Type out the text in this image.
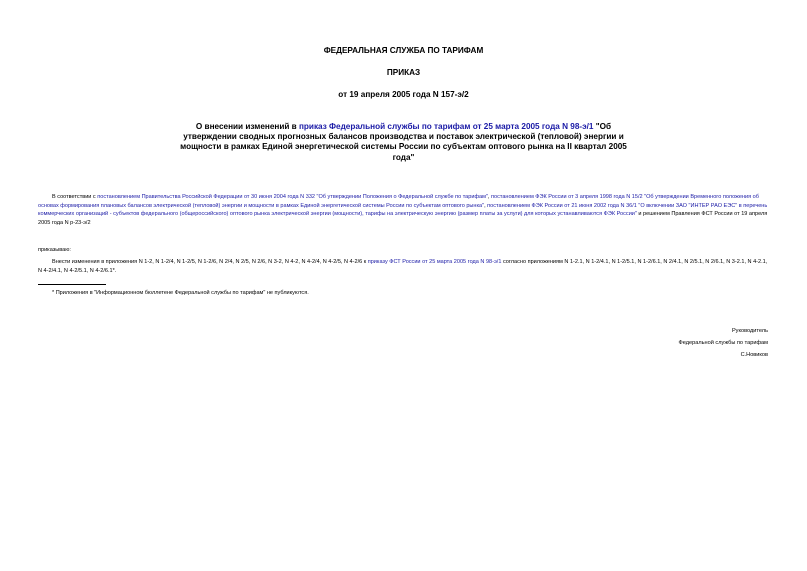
ФЕДЕРАЛЬНАЯ СЛУЖБА ПО ТАРИФАМ
ПРИКАЗ
от 19 апреля 2005 года N 157-э/2
О внесении изменений в приказ Федеральной службы по тарифам от 25 марта 2005 года N 98-э/1 "Об утверждении сводных прогнозных балансов производства и поставок электрической (тепловой) энергии и мощности в рамках Единой энергетической системы России по субъектам оптового рынка на II квартал 2005 года"
В соответствии с постановлением Правительства Российской Федерации от 30 июня 2004 года N 332 "Об утверждении Положения о Федеральной службе по тарифам", постановлением ФЭК России от 3 апреля 1998 года N 15/2 "Об утверждении Временного положения об основах формирования плановых балансов электрической (тепловой) энергии и мощности в рамках Единой энергетической системы России по субъектам оптового рынка", постановлением ФЭК России от 21 июня 2002 года N 36/1 "О включении ЗАО "ИНТЕР РАО ЕЭС" в перечень коммерческих организаций - субъектов федерального (общероссийского) оптового рынка электрической энергии (мощности), тарифы на электрическую энергию (размер платы за услуги) для которых устанавливаются ФЭК России" и решением Правления ФСТ России от 19 апреля 2005 года N р-23-э/2
приказываю:
Внести изменения в приложения N 1-2, N 1-2/4, N 1-2/5, N 1-2/6, N 2/4, N 2/5, N 2/6, N 3-2, N 4-2, N 4-2/4, N 4-2/5, N 4-2/6 к приказу ФСТ России от 25 марта 2005 года N 98-э/1 согласно приложениям N 1-2.1, N 1-2/4.1, N 1-2/5.1, N 1-2/6.1, N 2/4.1, N 2/5.1, N 2/6.1, N 3-2.1, N 4-2.1, N 4-2/4.1, N 4-2/5.1, N 4-2/6.1*.
* Приложения в "Информационном бюллетене Федеральной службы по тарифам" не публикуются.
Руководитель
Федеральной службы по тарифам
С.Новиков
